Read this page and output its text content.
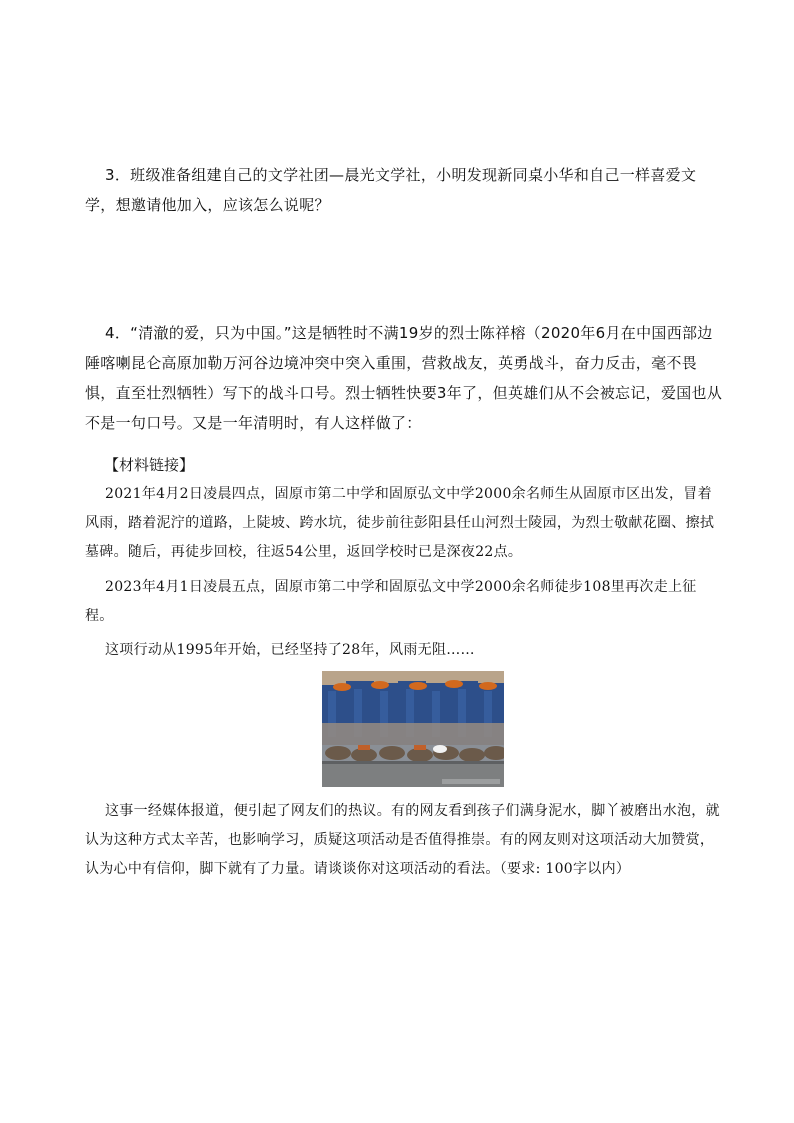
3．班级准备组建自己的文学社团—晨光文学社，小明发现新同桌小华和自己一样喜爱文学，想邀请他加入，应该怎么说呢？

4．“清澈的爱，只为中国。”这是牺牲时不满19岁的烈士陈祥榕（2020年6月在中国西部边陲喀喇昆仑高原加勒万河谷边境冲突中突入重围，营救战友，英勇战斗，奋力反击，毫不畏惧，直至壮烈牺牲）写下的战斗口号。烈士牺牲快要3年了，但英雄们从不会被忘记，爱国也从不是一句口号。又是一年清明时，有人这样做了：

【材料链接】

2021年4月2日凌晨四点，固原市第二中学和固原弘文中学2000余名师生从固原市区出发，冒着风雨，踏着泥泞的道路，上陡坡、跨水坑，徒步前往彭阳县任山河烈士陵园，为烈士敬献花圈、擦拭墓碑。随后，再徒步回校，往返54公里，返回学校时已是深夜22点。

2023年4月1日凌晨五点，固原市第二中学和固原弘文中学2000余名师徒步108里再次走上征程。

这项行动从1995年开始，已经坚持了28年，风雨无阻……

这事一经媒体报道，便引起了网友们的热议。有的网友看到孩子们满身泥水，脚丫被磨出水泡，就认为这种方式太辛苦，也影响学习，质疑这项活动是否值得推崇。有的网友则对这项活动大加赞赏，认为心中有信仰，脚下就有了力量。请谈谈你对这项活动的看法。（要求: 100字以内）
